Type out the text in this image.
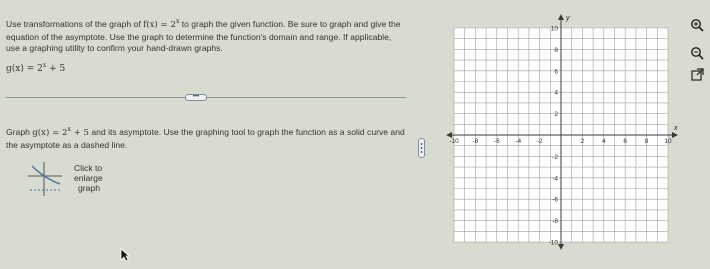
Use transformations of the graph of $f(x) = 2^x$ to graph the given function. Be sure to graph and give the equation of the asymptote. Use the graph to determine the function's domain and range. If applicable, use a graphing utility to confirm your hand-drawn graphs.
$g(x) = 2^x + 5$
•••
Graph $g(x) = 2^x + 5$ and its asymptote. Use the graphing tool to graph the function as a solid curve and the asymptote as a dashed line.
Click to
enlarge
graph
-10 -8 -6 -4 -2	2	4	6	8 10
10
8
6
4
2
-2
-4
-6
-8
-10
x
y
